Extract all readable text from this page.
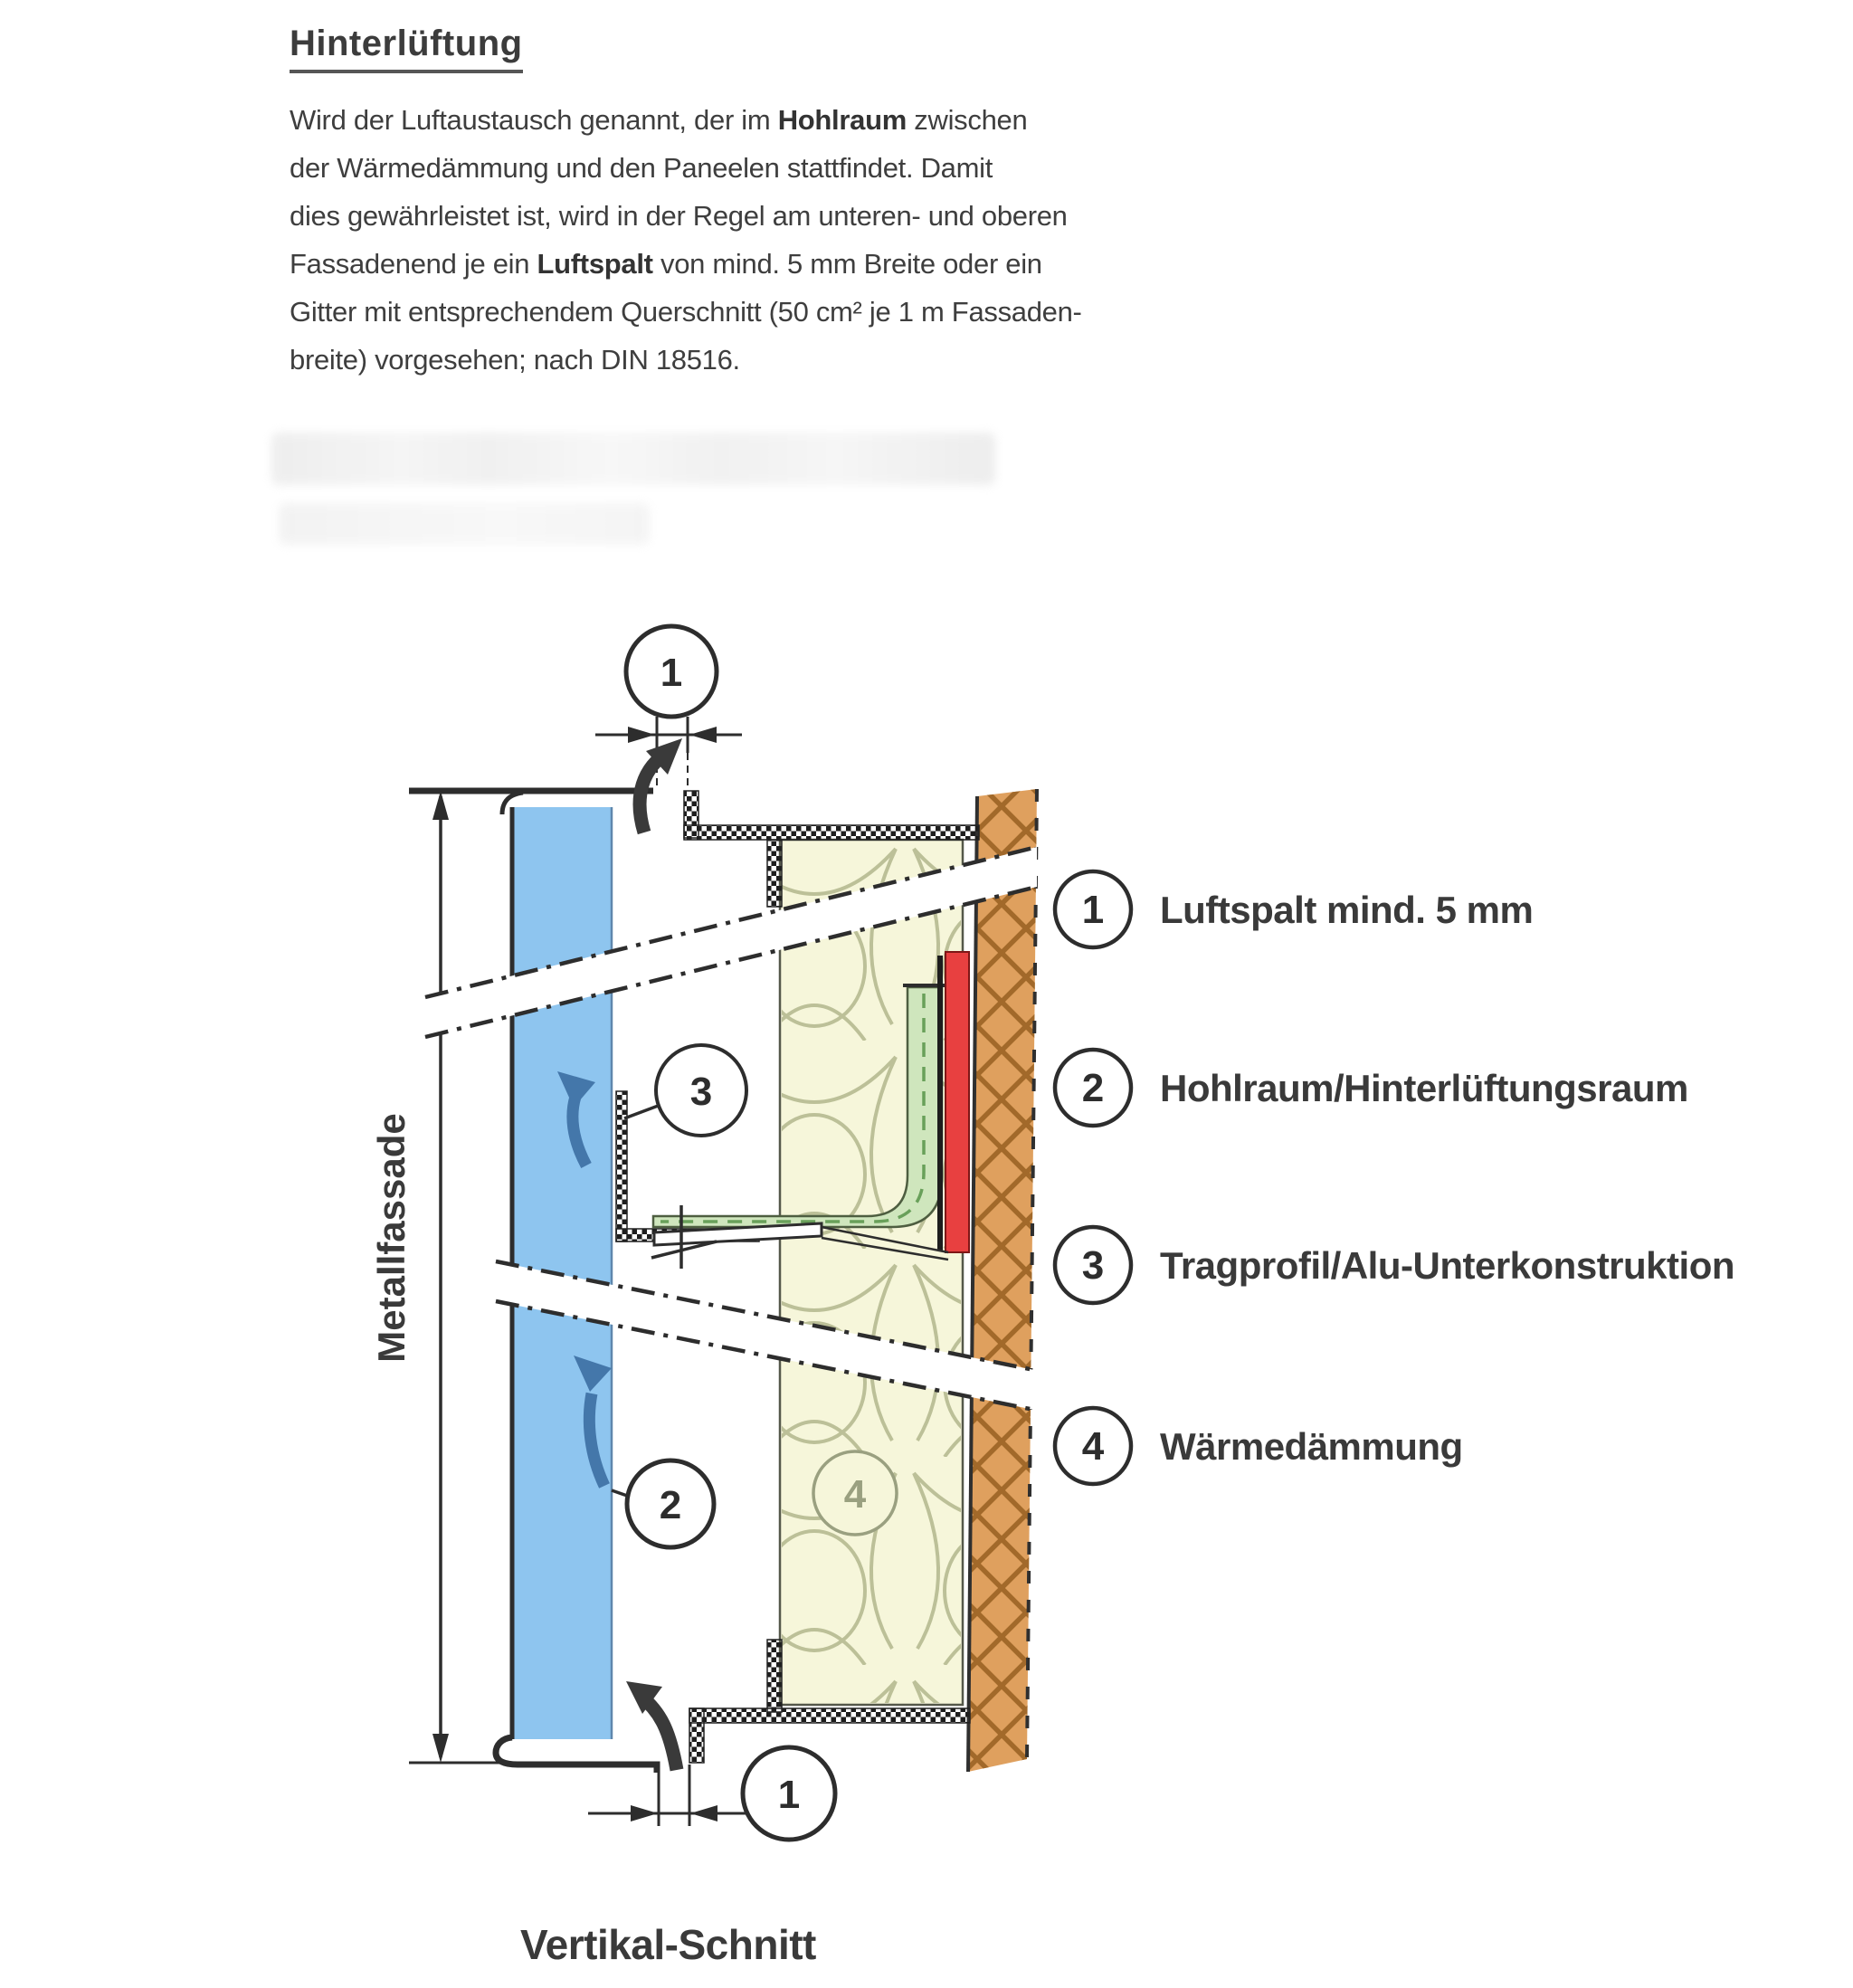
Hinterlüftung
Wird der Luftaustausch genannt, der im Hohlraum zwischen
der Wärmedämmung und den Paneelen stattfindet. Damit
dies gewährleistet ist, wird in der Regel am unteren- und oberen
Fassadenend je ein Luftspalt von mind. 5 mm Breite oder ein
Gitter mit entsprechendem Querschnitt (50 cm² je 1 m Fassaden-
breite) vorgesehen; nach DIN 18516.
Metallfassade
1
1
2
3
4
1 Luftspalt mind. 5 mm
2 Hohlraum/Hinterlüftungsraum
3 Tragprofil/Alu-Unterkonstruktion
4 Wärmedämmung
Vertikal-Schnitt
